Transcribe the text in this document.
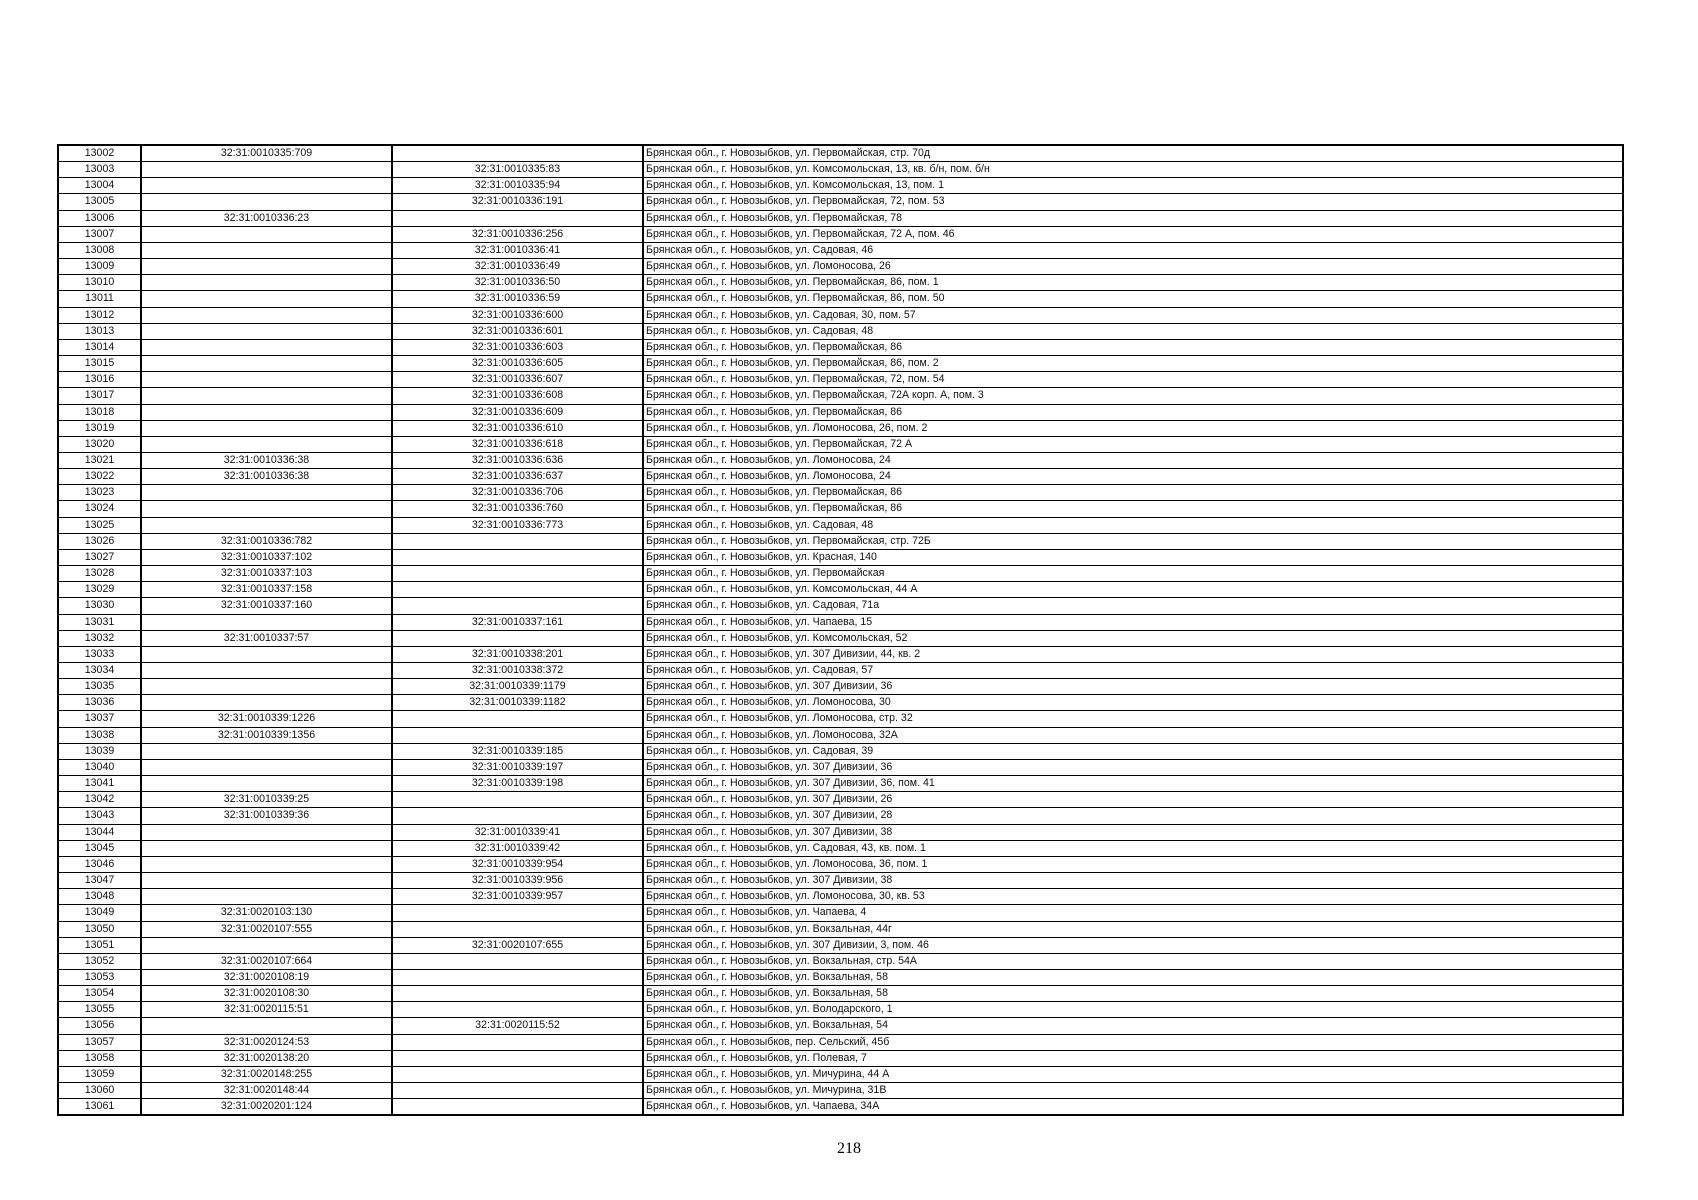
13002	32:31:0010335:709		Брянская обл., г. Новозыбков, ул. Первомайская, стр. 70д
13003		32:31:0010335:83	Брянская обл., г. Новозыбков, ул. Комсомольская, 13, кв. б/н, пом. б/н
13004		32:31:0010335:94	Брянская обл., г. Новозыбков, ул. Комсомольская, 13, пом. 1
13005		32:31:0010336:191	Брянская обл., г. Новозыбков, ул. Первомайская, 72, пом. 53
13006	32:31:0010336:23		Брянская обл., г. Новозыбков, ул. Первомайская, 78
13007		32:31:0010336:256	Брянская обл., г. Новозыбков, ул. Первомайская, 72 А, пом. 46
13008		32:31:0010336:41	Брянская обл., г. Новозыбков, ул. Садовая, 46
13009		32:31:0010336:49	Брянская обл., г. Новозыбков, ул. Ломоносова, 26
13010		32:31:0010336:50	Брянская обл., г. Новозыбков, ул. Первомайская, 86, пом. 1
13011		32:31:0010336:59	Брянская обл., г. Новозыбков, ул. Первомайская, 86, пом. 50
13012		32:31:0010336:600	Брянская обл., г. Новозыбков, ул. Садовая, 30, пом. 57
13013		32:31:0010336:601	Брянская обл., г. Новозыбков, ул. Садовая, 48
13014		32:31:0010336:603	Брянская обл., г. Новозыбков, ул. Первомайская, 86
13015		32:31:0010336:605	Брянская обл., г. Новозыбков, ул. Первомайская, 86, пом. 2
13016		32:31:0010336:607	Брянская обл., г. Новозыбков, ул. Первомайская, 72, пом. 54
13017		32:31:0010336:608	Брянская обл., г. Новозыбков, ул. Первомайская, 72А корп. А, пом. 3
13018		32:31:0010336:609	Брянская обл., г. Новозыбков, ул. Первомайская, 86
13019		32:31:0010336:610	Брянская обл., г. Новозыбков, ул. Ломоносова, 26, пом. 2
13020		32:31:0010336:618	Брянская обл., г. Новозыбков, ул. Первомайская, 72 А
13021	32:31:0010336:38	32:31:0010336:636	Брянская обл., г. Новозыбков, ул. Ломоносова, 24
13022	32:31:0010336:38	32:31:0010336:637	Брянская обл., г. Новозыбков, ул. Ломоносова, 24
13023		32:31:0010336:706	Брянская обл., г. Новозыбков, ул. Первомайская, 86
13024		32:31:0010336:760	Брянская обл., г. Новозыбков, ул. Первомайская, 86
13025		32:31:0010336:773	Брянская обл., г. Новозыбков, ул. Садовая, 48
13026	32:31:0010336:782		Брянская обл., г. Новозыбков, ул. Первомайская, стр. 72Б
13027	32:31:0010337:102		Брянская обл., г. Новозыбков, ул. Красная, 140
13028	32:31:0010337:103		Брянская обл., г. Новозыбков, ул. Первомайская
13029	32:31:0010337:158		Брянская обл., г. Новозыбков, ул. Комсомольская, 44 А
13030	32:31:0010337:160		Брянская обл., г. Новозыбков, ул. Садовая, 71а
13031		32:31:0010337:161	Брянская обл., г. Новозыбков, ул. Чапаева, 15
13032	32:31:0010337:57		Брянская обл., г. Новозыбков, ул. Комсомольская, 52
13033		32:31:0010338:201	Брянская обл., г. Новозыбков, ул. 307 Дивизии, 44, кв. 2
13034		32:31:0010338:372	Брянская обл., г. Новозыбков, ул. Садовая, 57
13035		32:31:0010339:1179	Брянская обл., г. Новозыбков, ул. 307 Дивизии, 36
13036		32:31:0010339:1182	Брянская обл., г. Новозыбков, ул. Ломоносова, 30
13037	32:31:0010339:1226		Брянская обл., г. Новозыбков, ул. Ломоносова, стр. 32
13038	32:31:0010339:1356		Брянская обл., г. Новозыбков, ул. Ломоносова, 32А
13039		32:31:0010339:185	Брянская обл., г. Новозыбков, ул. Садовая, 39
13040		32:31:0010339:197	Брянская обл., г. Новозыбков, ул. 307 Дивизии, 36
13041		32:31:0010339:198	Брянская обл., г. Новозыбков, ул. 307 Дивизии, 36, пом. 41
13042	32:31:0010339:25		Брянская обл., г. Новозыбков, ул. 307 Дивизии, 26
13043	32:31:0010339:36		Брянская обл., г. Новозыбков, ул. 307 Дивизии, 28
13044		32:31:0010339:41	Брянская обл., г. Новозыбков, ул. 307 Дивизии, 38
13045		32:31:0010339:42	Брянская обл., г. Новозыбков, ул. Садовая, 43, кв. пом. 1
13046		32:31:0010339:954	Брянская обл., г. Новозыбков, ул. Ломоносова, 36, пом. 1
13047		32:31:0010339:956	Брянская обл., г. Новозыбков, ул. 307 Дивизии, 38
13048		32:31:0010339:957	Брянская обл., г. Новозыбков, ул. Ломоносова, 30, кв. 53
13049	32:31:0020103:130		Брянская обл., г. Новозыбков, ул. Чапаева, 4
13050	32:31:0020107:555		Брянская обл., г. Новозыбков, ул. Вокзальная, 44г
13051		32:31:0020107:655	Брянская обл., г. Новозыбков, ул. 307 Дивизии, 3, пом. 46
13052	32:31:0020107:664		Брянская обл., г. Новозыбков, ул. Вокзальная, стр. 54А
13053	32:31:0020108:19		Брянская обл., г. Новозыбков, ул. Вокзальная, 58
13054	32:31:0020108:30		Брянская обл., г. Новозыбков, ул. Вокзальная, 58
13055	32:31:0020115:51		Брянская обл., г. Новозыбков, ул. Володарского, 1
13056		32:31:0020115:52	Брянская обл., г. Новозыбков, ул. Вокзальная, 54
13057	32:31:0020124:53		Брянская обл., г. Новозыбков, пер. Сельский, 45б
13058	32:31:0020138:20		Брянская обл., г. Новозыбков, ул. Полевая, 7
13059	32:31:0020148:255		Брянская обл., г. Новозыбков, ул. Мичурина, 44 А
13060	32:31:0020148:44		Брянская обл., г. Новозыбков, ул. Мичурина, 31В
13061	32:31:0020201:124		Брянская обл., г. Новозыбков, ул. Чапаева, 34А
218
